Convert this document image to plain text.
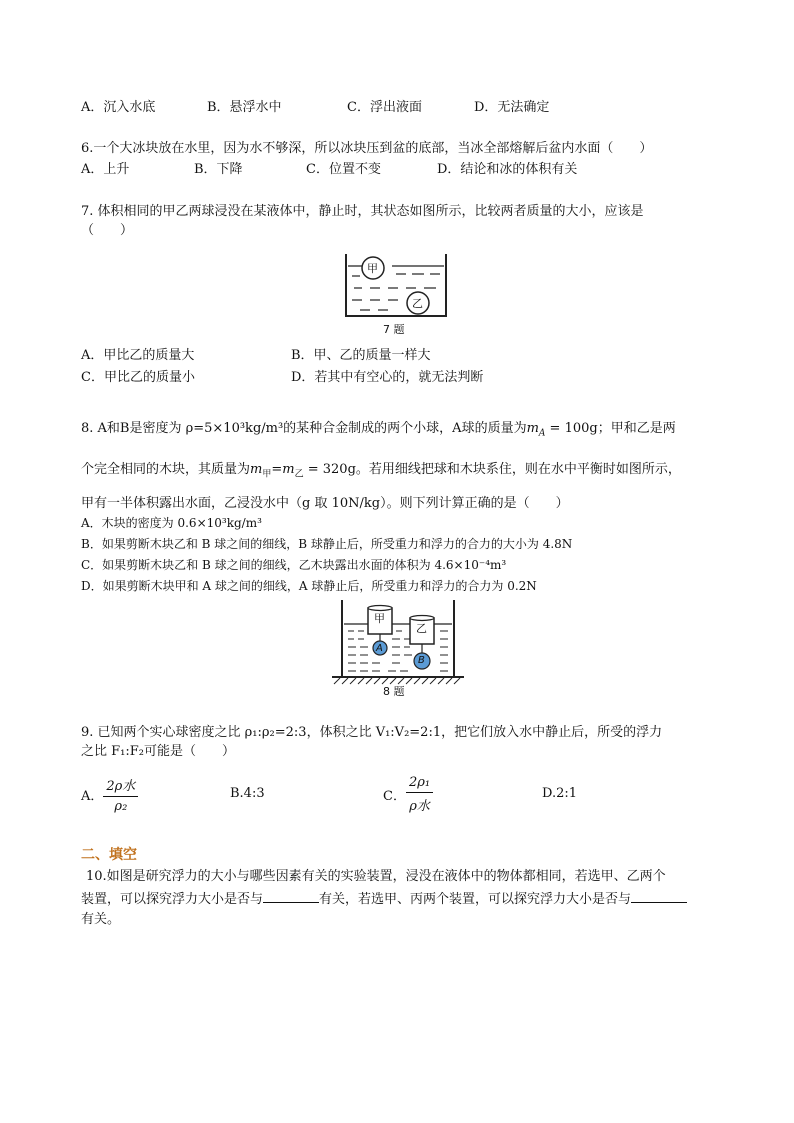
A．沉入水底	B．悬浮水中	C．浮出液面	D．无法确定
6.一个大冰块放在水里，因为水不够深，所以冰块压到盆的底部，当冰全部熔解后盆内水面（　　）
A．上升	B．下降	C．位置不变	D．结论和冰的体积有关
7. 体积相同的甲乙两球浸没在某液体中，静止时，其状态如图所示，比较两者质量的大小，应该是
（　　）
甲
乙
7 题
A．甲比乙的质量大	B．甲、乙的质量一样大
C．甲比乙的质量小	D．若其中有空心的，就无法判断
8. A和B是密度为 ρ=5×10³kg/m³的某种合金制成的两个小球，A球的质量为$m_A = 100g$；甲和乙是两
个完全相同的木块，其质量为$m_甲=m_乙 = 320g$。若用细线把球和木块系住，则在水中平衡时如图所示，
甲有一半体积露出水面，乙浸没水中（g 取 10N/kg）。则下列计算正确的是（　　）
A．木块的密度为 0.6×10³kg/m³
B．如果剪断木块乙和 B 球之间的细线，B 球静止后，所受重力和浮力的合力的大小为 4.8N
C．如果剪断木块乙和 B 球之间的细线，乙木块露出水面的体积为 4.6×10⁻⁴m³
D．如果剪断木块甲和 A 球之间的细线，A 球静止后，所受重力和浮力的合力为 0.2N
甲
乙
A
B
8 题
9. 已知两个实心球密度之比 ρ₁:ρ₂=2:3，体积之比 V₁:V₂=2:1，把它们放入水中静止后，所受的浮力
之比 F₁:F₂可能是（　　）
A． $\frac{\text{2ρ水}}{\text{ρ₂}}$	B.4:3	C． $\frac{\text{2ρ₁}}{\text{ρ水}}$	D.2:1
二、填空
10.如图是研究浮力的大小与哪些因素有关的实验装置，浸没在液体中的物体都相同，若选甲、乙两个
装置，可以探究浮力大小是否与	有关，若选甲、丙两个装置，可以探究浮力大小是否与
有关。
